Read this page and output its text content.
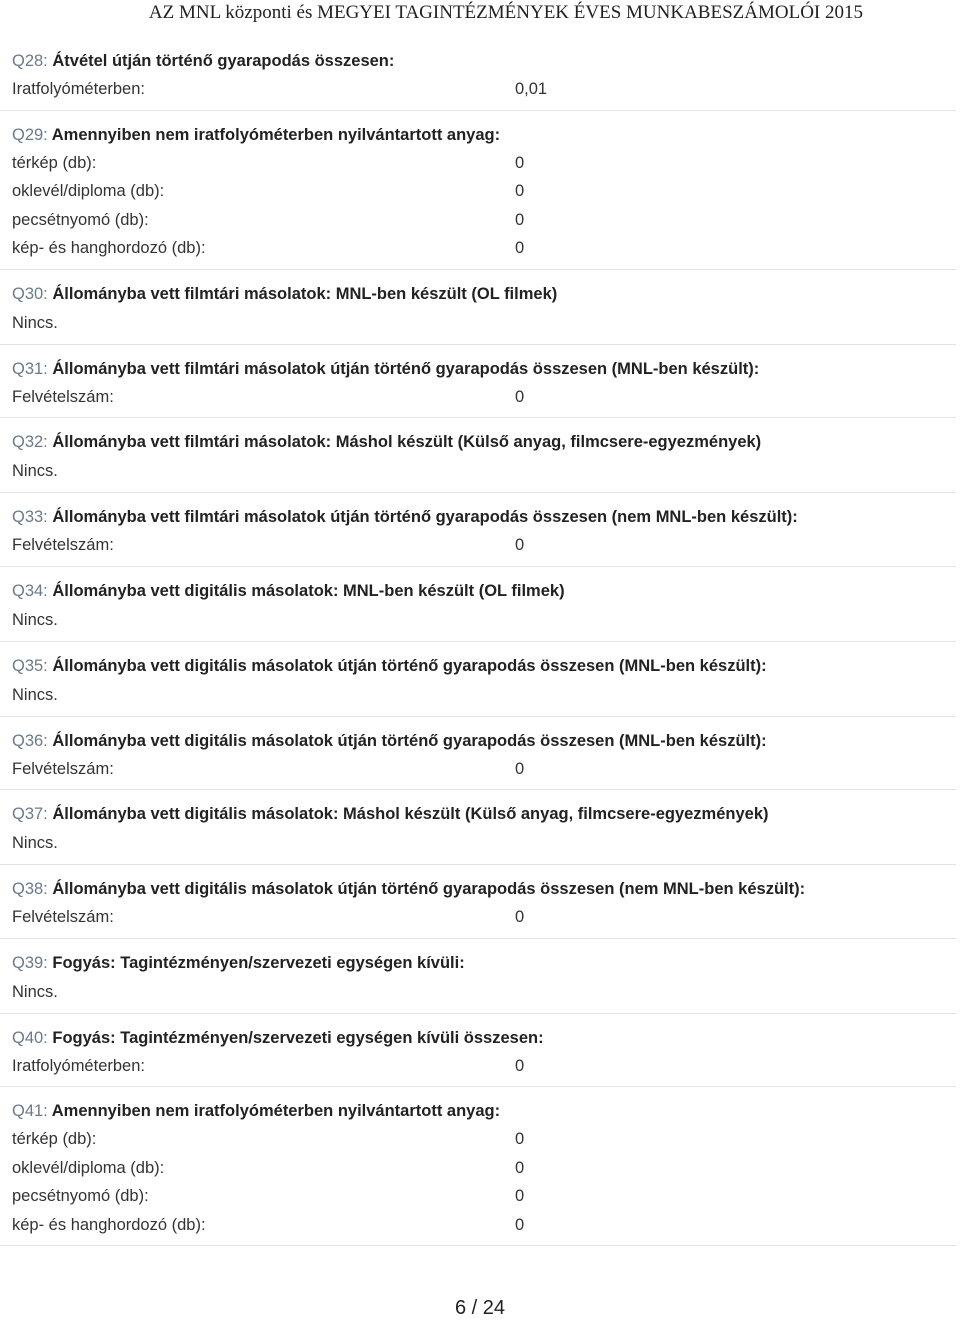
AZ MNL központi és MEGYEI TAGINTÉZMÉNYEK ÉVES MUNKABESZÁMOLÓI 2015
Q28: Átvétel útján történő gyarapodás összesen:
Iratfolyóméterben:	0,01
Q29: Amennyiben nem iratfolyóméterben nyilvántartott anyag:
térkép (db):	0
oklevél/diploma (db):	0
pecsétnyomó (db):	0
kép- és hanghordozó (db):	0
Q30: Állományba vett filmtári másolatok: MNL-ben készült (OL filmek)
Nincs.
Q31: Állományba vett filmtári másolatok útján történő gyarapodás összesen (MNL-ben készült):
Felvételszám:	0
Q32: Állományba vett filmtári másolatok: Máshol készült (Külső anyag, filmcsere-egyezmények)
Nincs.
Q33: Állományba vett filmtári másolatok útján történő gyarapodás összesen (nem MNL-ben készült):
Felvételszám:	0
Q34: Állományba vett digitális másolatok: MNL-ben készült (OL filmek)
Nincs.
Q35: Állományba vett digitális másolatok útján történő gyarapodás összesen (MNL-ben készült):
Nincs.
Q36: Állományba vett digitális másolatok útján történő gyarapodás összesen (MNL-ben készült):
Felvételszám:	0
Q37: Állományba vett digitális másolatok: Máshol készült (Külső anyag, filmcsere-egyezmények)
Nincs.
Q38: Állományba vett digitális másolatok útján történő gyarapodás összesen (nem MNL-ben készült):
Felvételszám:	0
Q39: Fogyás: Tagintézményen/szervezeti egységen kívüli:
Nincs.
Q40: Fogyás: Tagintézményen/szervezeti egységen kívüli összesen:
Iratfolyóméterben:	0
Q41: Amennyiben nem iratfolyóméterben nyilvántartott anyag:
térkép (db):	0
oklevél/diploma (db):	0
pecsétnyomó (db):	0
kép- és hanghordozó (db):	0
6 / 24
